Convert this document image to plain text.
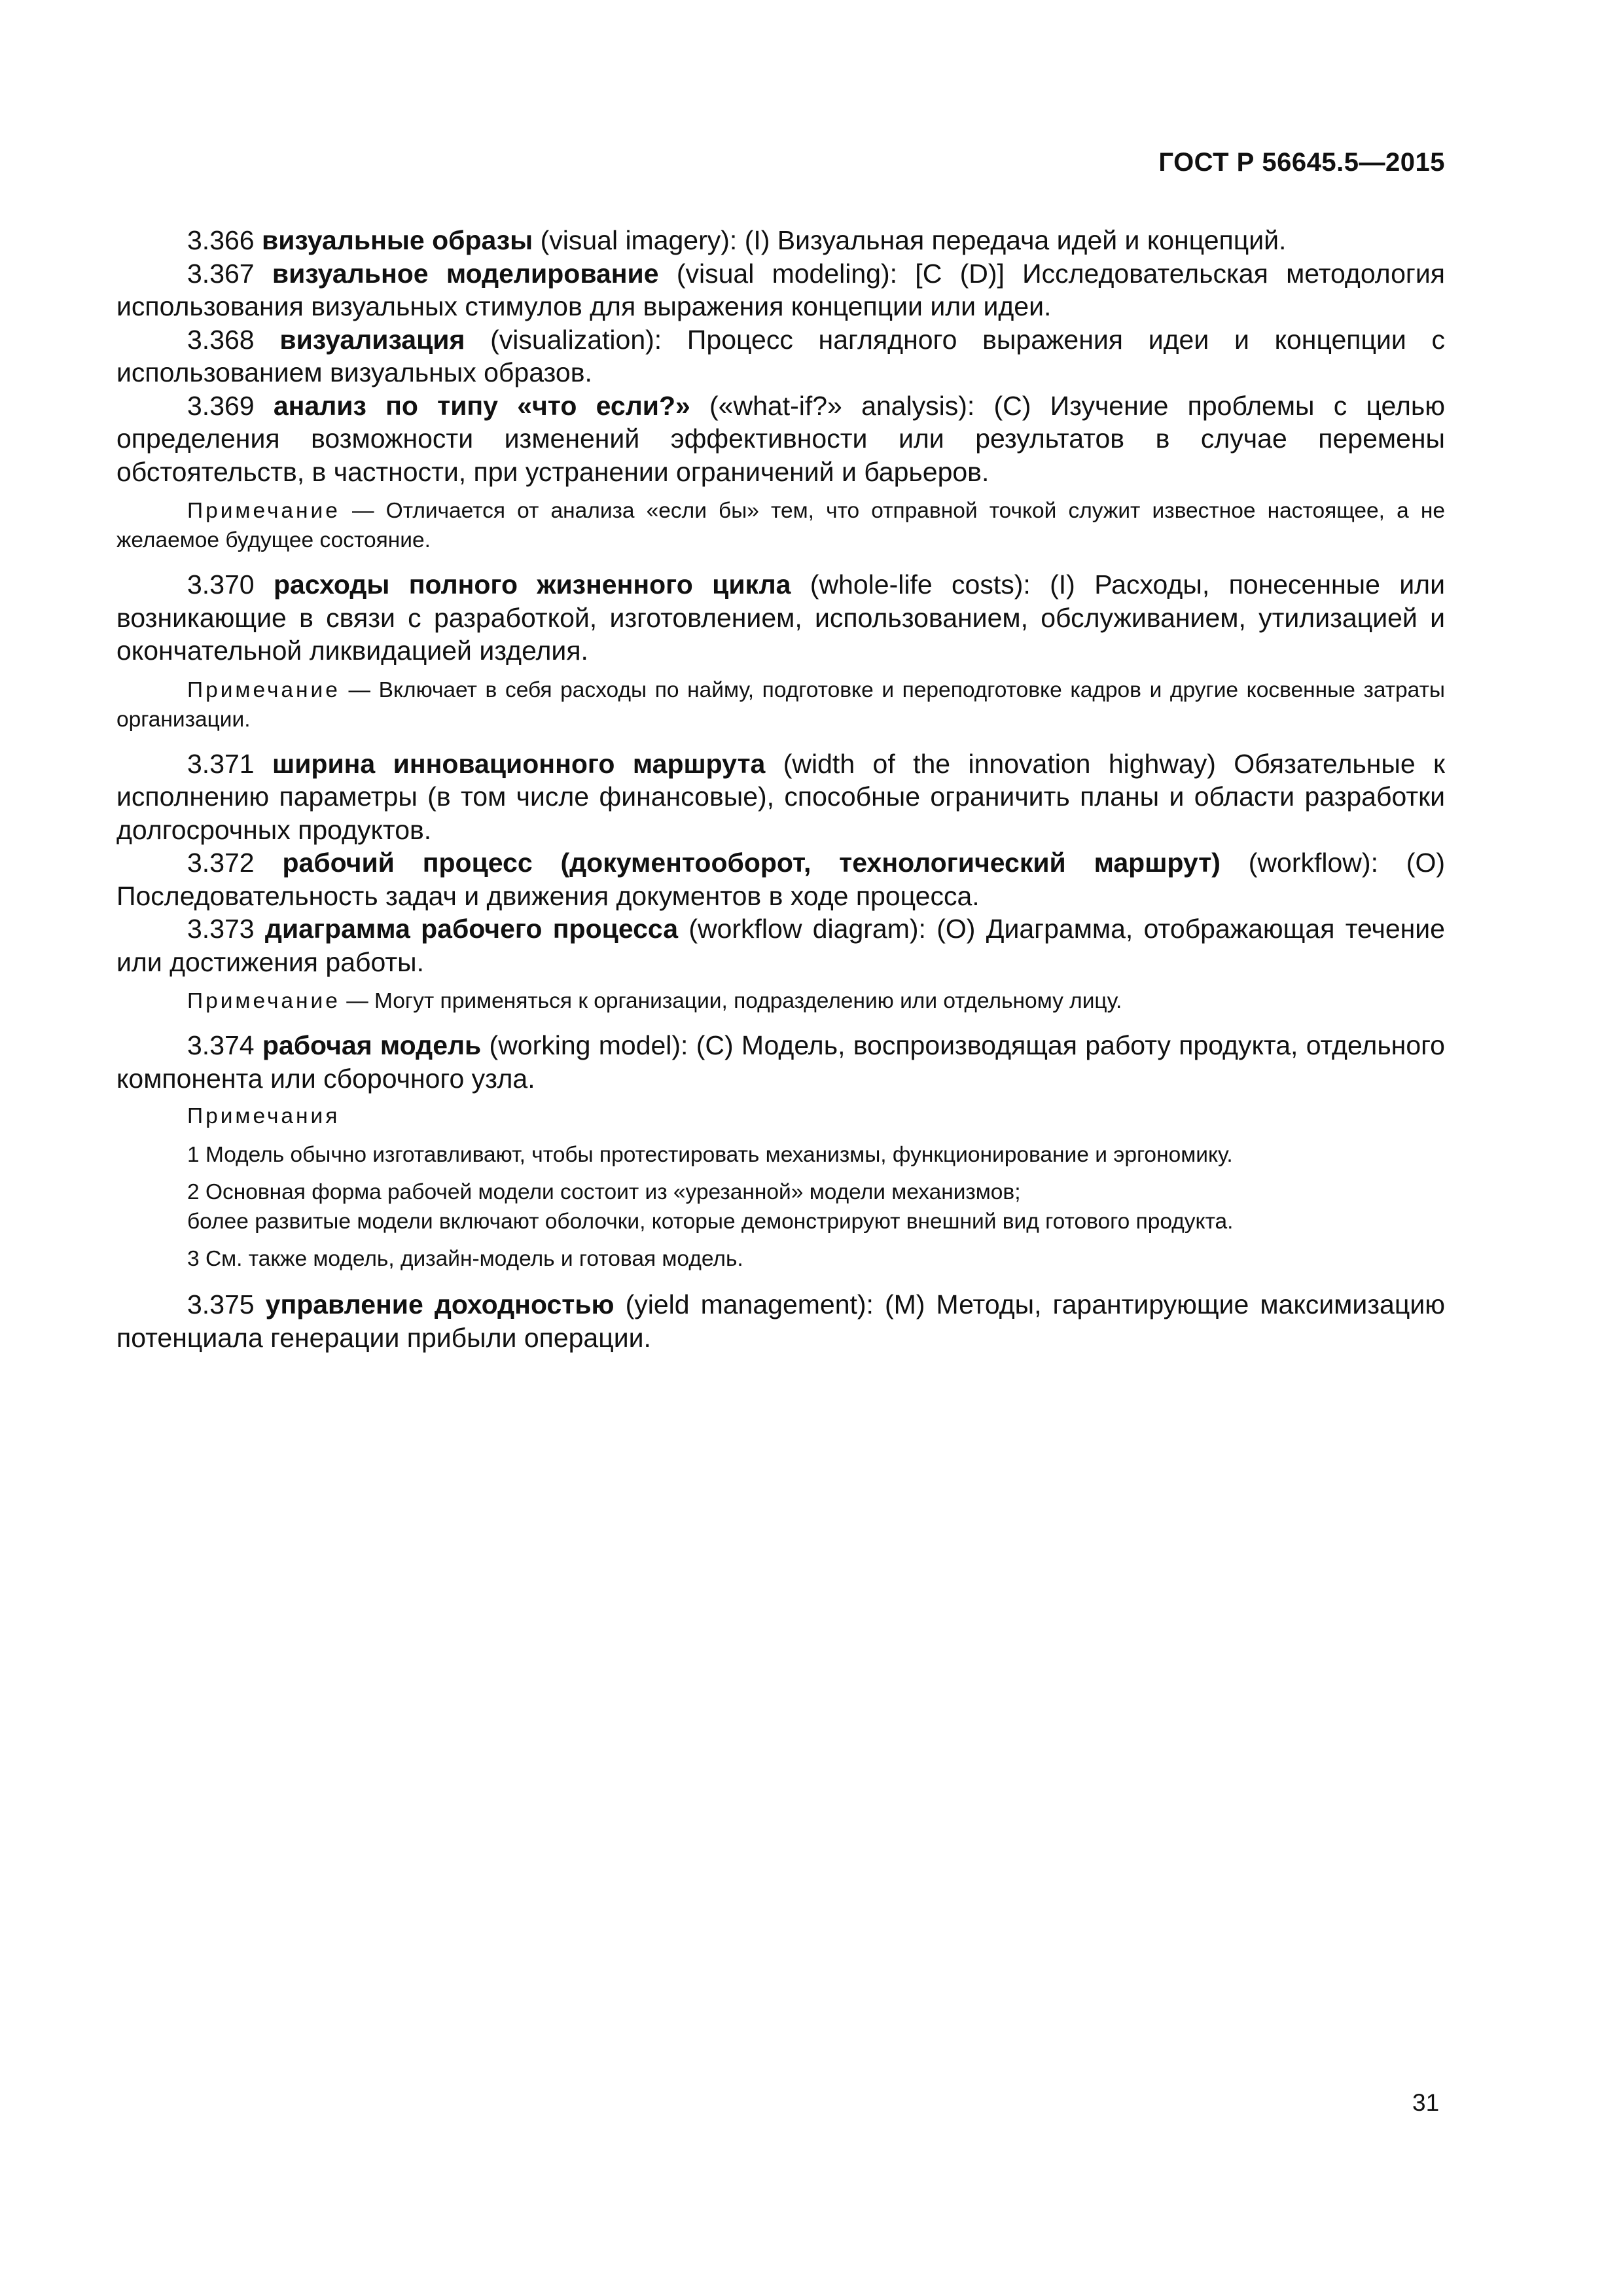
ГОСТ Р 56645.5—2015

3.366 визуальные образы (visual imagery): (I) Визуальная передача идей и концепций.

3.367 визуальное моделирование (visual modeling): [C (D)] Исследовательская методология использования визуальных стимулов для выражения концепции или идеи.

3.368 визуализация (visualization): Процесс наглядного выражения идеи и концепции с использованием визуальных образов.

3.369 анализ по типу «что если?» («what-if?» analysis): (С) Изучение проблемы с целью определения возможности изменений эффективности или результатов в случае перемены обстоятельств, в частности, при устранении ограничений и барьеров.

Примечание — Отличается от анализа «если бы» тем, что отправной точкой служит известное настоящее, а не желаемое будущее состояние.

3.370 расходы полного жизненного цикла (whole-life costs): (I) Расходы, понесенные или возникающие в связи с разработкой, изготовлением, использованием, обслуживанием, утилизацией и окончательной ликвидацией изделия.

Примечание — Включает в себя расходы по найму, подготовке и переподготовке кадров и другие косвенные затраты организации.

3.371 ширина инновационного маршрута (width of the innovation highway) Обязательные к исполнению параметры (в том числе финансовые), способные ограничить планы и области разработки долгосрочных продуктов.

3.372 рабочий процесс (документооборот, технологический маршрут) (workflow): (O) Последовательность задач и движения документов в ходе процесса.

3.373 диаграмма рабочего процесса (workflow diagram): (O) Диаграмма, отображающая течение или достижения работы.

Примечание — Могут применяться к организации, подразделению или отдельному лицу.

3.374 рабочая модель (working model): (С) Модель, воспроизводящая работу продукта, отдельного компонента или сборочного узла.

Примечания

1 Модель обычно изготавливают, чтобы протестировать механизмы, функционирование и эргономику.

2 Основная форма рабочей модели состоит из «урезанной» модели механизмов;

более развитые модели включают оболочки, которые демонстрируют внешний вид готового продукта.

3 См. также модель, дизайн-модель и готовая модель.

3.375 управление доходностью (yield management): (M) Методы, гарантирующие максимизацию потенциала генерации прибыли операции.

31
